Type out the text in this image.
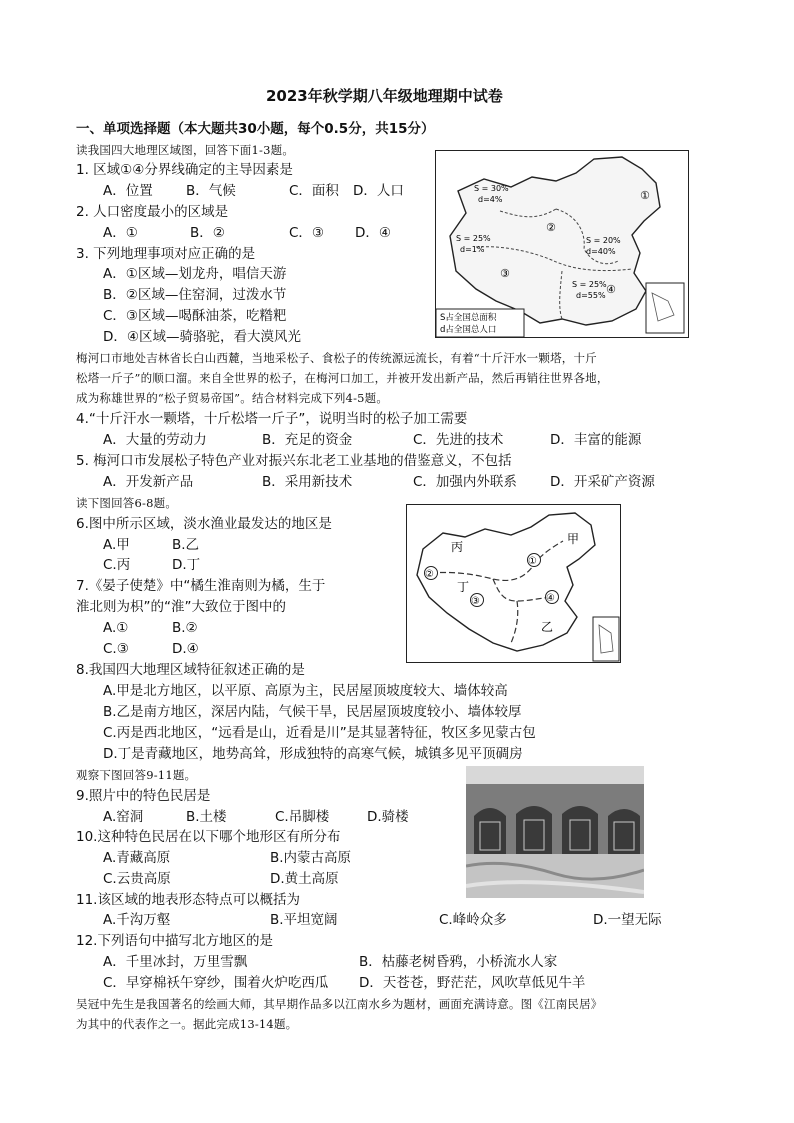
2023年秋学期八年级地理期中试卷
一、单项选择题（本大题共30小题，每个0.5分，共15分）
读我国四大地理区域图，回答下面1-3题。
1. 区域①④分界线确定的主导因素是
A．位置 B．气候	C．面积 D．人口
2. 人口密度最小的区域是
A．①	B．②	C．③ D．④
3. 下列地理事项对应正确的是
A．①区域—划龙舟，唱信天游
B．②区域—住窑洞，过泼水节
C．③区域—喝酥油茶，吃糌粑
D．④区域—骑骆驼，看大漠风光
S = 30%
d=4%
S = 25%
d=1%
S = 20%
d=40%
S = 25%
d=55%
①
②
③
④
S占全国总面积
d占全国总人口
梅河口市地处吉林省长白山西麓，当地采松子、食松子的传统源远流长，有着“十斤汗水一颗塔，十斤
松塔一斤子”的顺口溜。来自全世界的松子，在梅河口加工，并被开发出新产品，然后再销往世界各地，
成为称雄世界的“松子贸易帝国”。结合材料完成下列4-5题。
4.“十斤汗水一颗塔，十斤松塔一斤子”，说明当时的松子加工需要
A．大量的劳动力	B．充足的资金	C．先进的技术	D．丰富的能源
5. 梅河口市发展松子特色产业对振兴东北老工业基地的借鉴意义，不包括
A．开发新产品	B．采用新技术	C．加强内外联系 D．开采矿产资源
读下图回答6-8题。
6.图中所示区域，淡水渔业最发达的地区是
A.甲	B.乙
C.丙	D.丁
7.《晏子使楚》中“橘生淮南则为橘，生于
淮北则为枳”的“淮”大致位于图中的
A.①	B.②
C.③	D.④
甲
乙
丙
丁
①
②
③	④
8.我国四大地理区域特征叙述正确的是
A.甲是北方地区，以平原、高原为主，民居屋顶坡度较大、墙体较高
B.乙是南方地区，深居内陆，气候干旱，民居屋顶坡度较小、墙体较厚
C.丙是西北地区，“远看是山，近看是川”是其显著特征，牧区多见蒙古包
D.丁是青藏地区，地势高耸，形成独特的高寒气候，城镇多见平顶碉房
观察下图回答9-11题。
9.照片中的特色民居是
A.窑洞	B.土楼	C.吊脚楼	D.骑楼
10.这种特色民居在以下哪个地形区有所分布
A.青藏高原	B.内蒙古高原
C.云贵高原	D.黄土高原
11.该区域的地表形态特点可以概括为
A.千沟万壑	B.平坦宽阔	C.峰岭众多	D.一望无际
12.下列语句中描写北方地区的是
A．千里冰封，万里雪飘	B．枯藤老树昏鸦，小桥流水人家
C．早穿棉袄午穿纱，围着火炉吃西瓜 D．天苍苍，野茫茫，风吹草低见牛羊
吴冠中先生是我国著名的绘画大师，其早期作品多以江南水乡为题材，画面充满诗意。图《江南民居》
为其中的代表作之一。据此完成13-14题。
